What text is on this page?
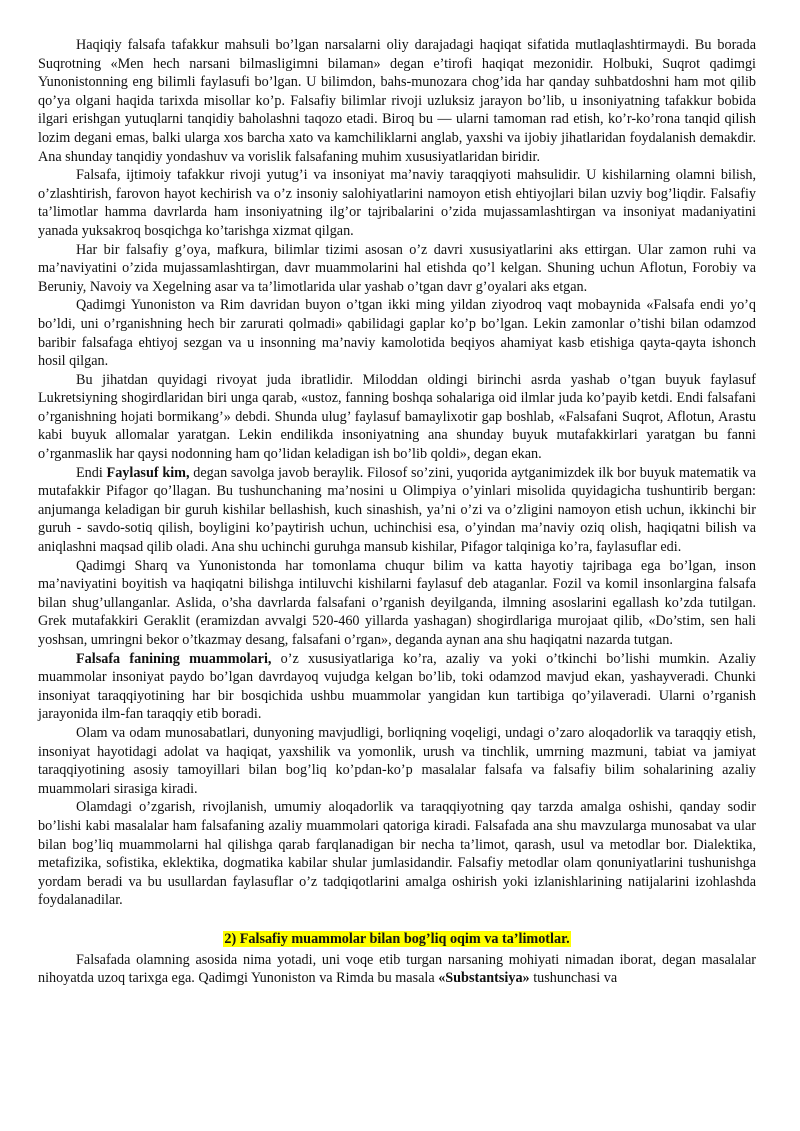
Haqiqiy falsafa tafakkur mahsuli bo’lgan narsalarni oliy darajadagi haqiqat sifatida mutlaqlashtirmaydi. Bu borada Suqrotning «Men hech narsani bilmasligimni bilaman» degan e’tirofi haqiqat mezonidir. Holbuki, Suqrot qadimgi Yunonistonning eng bilimli faylasufi bo’lgan. U bilimdon, bahs-munozara chog’ida har qanday suhbatdoshni ham mot qilib qo’ya olgani haqida tarixda misollar ko’p. Falsafiy bilimlar rivoji uzluksiz jarayon bo’lib, u insoniyatning tafakkur bobida ilgari erishgan yutuqlarni tanqidiy baholashni taqozo etadi. Biroq bu — ularni tamoman rad etish, ko’r-ko’rona tanqid qilish lozim degani emas, balki ularga xos barcha xato va kamchiliklarni anglab, yaxshi va ijobiy jihatlaridan foydalanish demakdir. Ana shunday tanqidiy yondashuv va vorislik falsafaning muhim xususiyatlaridan biridir.

Falsafa, ijtimoiy tafakkur rivoji yutug’i va insoniyat ma’naviy taraqqiyoti mahsulidir. U kishilarning olamni bilish, o’zlashtirish, farovon hayot kechirish va o’z insoniy salohiyatlarini namoyon etish ehtiyojlari bilan uzviy bog’liqdir. Falsafiy ta’limotlar hamma davrlarda ham insoniyatning ilg’or tajribalarini o’zida mujassamlashtirgan va insoniyat madaniyatini yanada yuksakroq bosqichga ko’tarishga xizmat qilgan.

Har bir falsafiy g’oya, mafkura, bilimlar tizimi asosan o’z davri xususiyatlarini aks ettirgan. Ular zamon ruhi va ma’naviyatini o’zida mujassamlashtirgan, davr muammolarini hal etishda qo’l kelgan. Shuning uchun Aflotun, Forobiy va Beruniy, Navoiy va Xegelning asar va ta’limotlarida ular yashab o’tgan davr g’oyalari aks etgan.

Qadimgi Yunoniston va Rim davridan buyon o’tgan ikki ming yildan ziyodroq vaqt mobaynida «Falsafa endi yo’q bo’ldi, uni o’rganishning hech bir zarurati qolmadi» qabilidagi gaplar ko’p bo’lgan. Lekin zamonlar o’tishi bilan odamzod baribir falsafaga ehtiyoj sezgan va u insonning ma’naviy kamolotida beqiyos ahamiyat kasb etishiga qayta-qayta ishonch hosil qilgan.

Bu jihatdan quyidagi rivoyat juda ibratlidir. Miloddan oldingi birinchi asrda yashab o’tgan buyuk faylasuf Lukretsiyning shogirdlaridan biri unga qarab, «ustoz, fanning boshqa sohalariga oid ilmlar juda ko’payib ketdi. Endi falsafani o’rganishning hojati bormikang’» debdi. Shunda ulug’ faylasuf bamaylixotir gap boshlab, «Falsafani Suqrot, Aflotun, Arastu kabi buyuk allomalar yaratgan. Lekin endilikda insoniyatning ana shunday buyuk mutafakkirlari yaratgan bu fanni o’rganmaslik har qaysi nodonning ham qo’lidan keladigan ish bo’lib qoldi», degan ekan.

Endi Faylasuf kim, degan savolga javob beraylik. Filosof so’zini, yuqorida aytganimizdek ilk bor buyuk matematik va mutafakkir Pifagor qo’llagan. Bu tushunchaning ma’nosini u Olimpiya o’yinlari misolida quyidagicha tushuntirib bergan: anjumanga keladigan bir guruh kishilar bellashish, kuch sinashish, ya’ni o’zi va o’zligini namoyon etish uchun, ikkinchi bir guruh - savdo-sotiq qilish, boyligini ko’paytirish uchun, uchinchisi esa, o’yindan ma’naviy oziq olish, haqiqatni bilish va aniqlashni maqsad qilib oladi. Ana shu uchinchi guruhga mansub kishilar, Pifagor talqiniga ko’ra, faylasuflar edi.

Qadimgi Sharq va Yunonistonda har tomonlama chuqur bilim va katta hayotiy tajribaga ega bo’lgan, inson ma’naviyatini boyitish va haqiqatni bilishga intiluvchi kishilarni faylasuf deb ataganlar. Fozil va komil insonlargina falsafa bilan shug’ullanganlar. Aslida, o’sha davrlarda falsafani o’rganish deyilganda, ilmning asoslarini egallash ko’zda tutilgan. Grek mutafakkiri Geraklit (eramizdan avvalgi 520-460 yillarda yashagan) shogirdlariga murojaat qilib, «Do’stim, sen hali yoshsan, umringni bekor o’tkazmay desang, falsafani o’rgan», deganda aynan ana shu haqiqatni nazarda tutgan.

Falsafa fanining muammolari, o’z xususiyatlariga ko’ra, azaliy va yoki o’tkinchi bo’lishi mumkin. Azaliy muammolar insoniyat paydo bo’lgan davrdayoq vujudga kelgan bo’lib, toki odamzod mavjud ekan, yashayveradi. Chunki insoniyat taraqqiyotining har bir bosqichida ushbu muammolar yangidan kun tartibiga qo’yilaveradi. Ularni o’rganish jarayonida ilm-fan taraqqiy etib boradi.

Olam va odam munosabatlari, dunyoning mavjudligi, borliqning voqeligi, undagi o’zaro aloqadorlik va taraqqiy etish, insoniyat hayotidagi adolat va haqiqat, yaxshilik va yomonlik, urush va tinchlik, umrning mazmuni, tabiat va jamiyat taraqqiyotining asosiy tamoyillari bilan bog’liq ko’pdan-ko’p masalalar falsafa va falsafiy bilim sohalarining azaliy muammolari sirasiga kiradi.

Olamdagi o’zgarish, rivojlanish, umumiy aloqadorlik va taraqqiyotning qay tarzda amalga oshishi, qanday sodir bo’lishi kabi masalalar ham falsafaning azaliy muammolari qatoriga kiradi. Falsafada ana shu mavzularga munosabat va ular bilan bog’liq muammolarni hal qilishga qarab farqlanadigan bir necha ta’limot, qarash, usul va metodlar bor. Dialektika, metafizika, sofistika, eklektika, dogmatika kabilar shular jumlasidandir. Falsafiy metodlar olam qonuniyatlarini tushunishga yordam beradi va bu usullardan faylasuflar o’z tadqiqotlarini amalga oshirish yoki izlanishlarining natijalarini izohlashda foydalanadilar.

2) Falsafiy muammolar bilan bog’liq oqim va ta’limotlar.

Falsafada olamning asosida nima yotadi, uni voqe etib turgan narsaning mohiyati nimadan iborat, degan masalalar nihoyatda uzoq tarixga ega. Qadimgi Yunoniston va Rimda bu masala «Substantsiya» tushunchasi va
